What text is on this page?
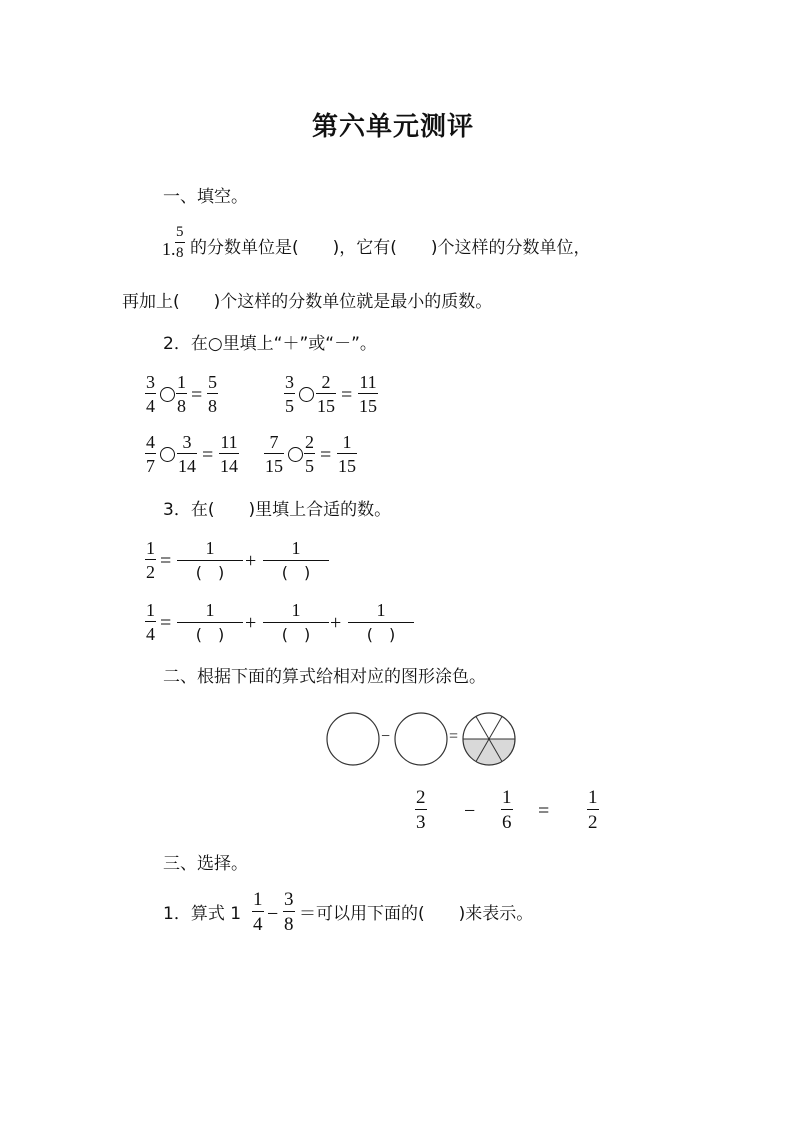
第六单元测评
一、填空。
1.
5
8 的分数单位是(　　)，它有(　　)个这样的分数单位，
再加上(　　)个这样的分数单位就是最小的质数。
2．在○里填上“＋”或“－”。
3
4
1
8 =
5
8
3
5
2
15 =
11
15
4
7
3
14 =
11
14
7
15
2
5 =
1
15
3．在(　　)里填上合适的数。
1
2 =
1
(　)
+
1
(　)
1
4 =
1
(　)
+
1
(　)
+
1
(　)
二、根据下面的算式给相对应的图形涂色。
−	=
2
3
−
1
6
=
1
2
三、选择。
1．算式 1
1
4 −
3
8 ＝可以用下面的(　　)来表示。
